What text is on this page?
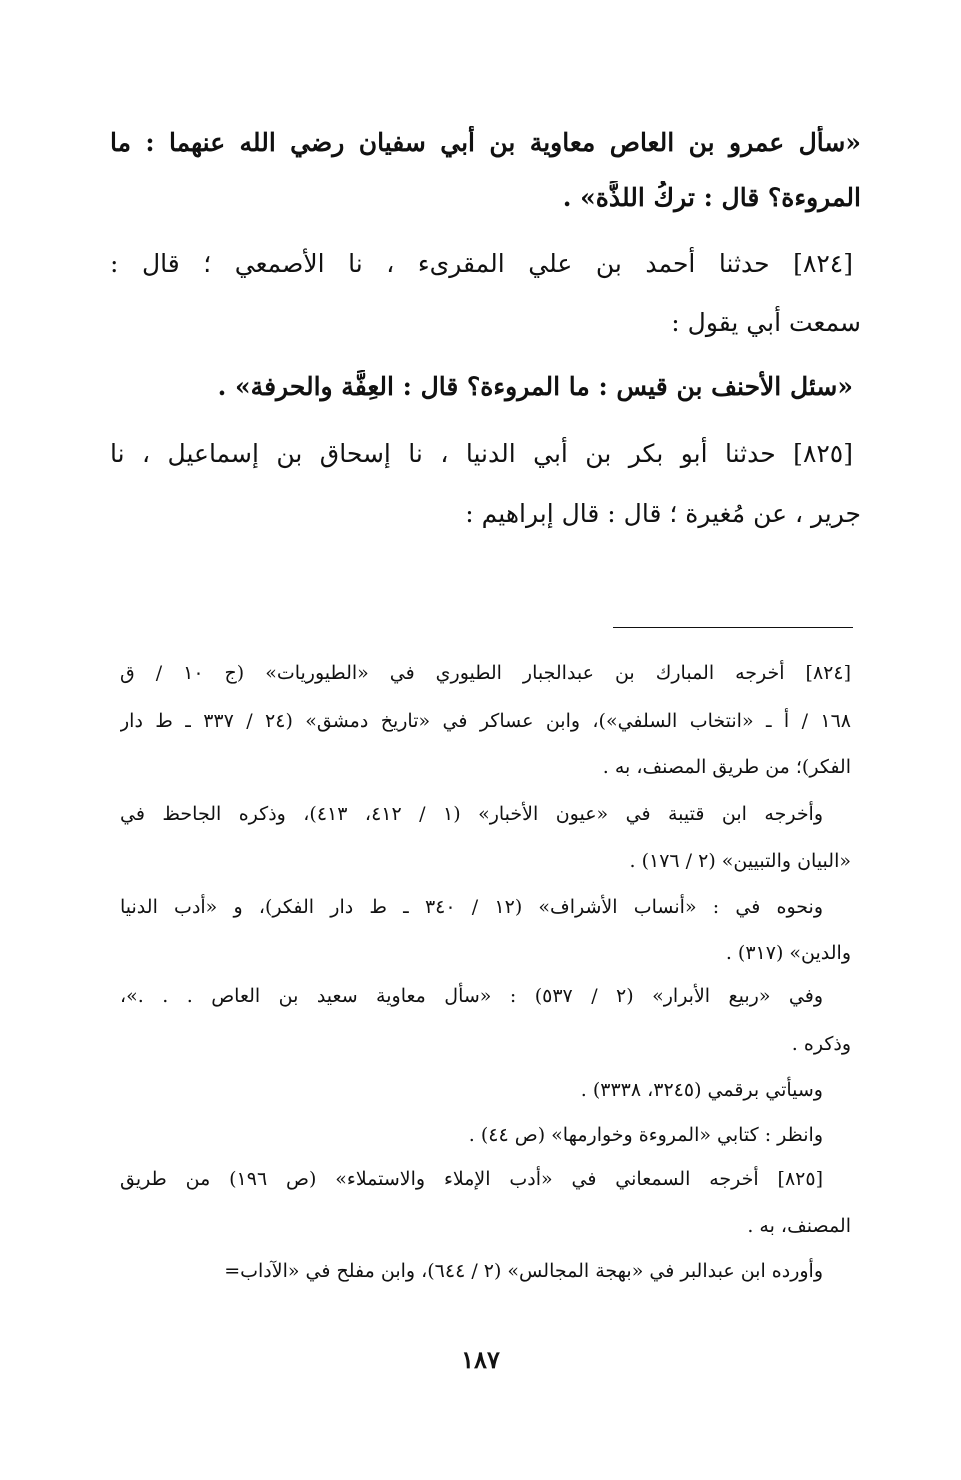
«سأل عمرو بن العاص معاوية بن أبي سفيان رضي الله عنهما : ما
المروءة؟ قال : تركُ اللذَّة» .
[٨٢٤] حدثنا أحمد بن علي المقرىء ، نا الأصمعي ؛ قال :
سمعت أبي يقول :
«سئل الأحنف بن قيس : ما المروءة؟ قال : العِفَّة والحرفة» .
[٨٢٥] حدثنا أبو بكر بن أبي الدنيا ، نا إسحاق بن إسماعيل ، نا
جرير ، عن مُغيرة ؛ قال : قال إبراهيم :
[٨٢٤] أخرجه المبارك بن عبدالجبار الطيوري في «الطيوريات» (ج ١٠ / ق
١٦٨ / أ ـ «انتخاب السلفي»)، وابن عساكر في «تاريخ دمشق» (٢٤ / ٣٣٧ ـ ط دار
الفكر)؛ من طريق المصنف، به .
وأخرجه ابن قتيبة في «عيون الأخبار» (١ / ٤١٢، ٤١٣)، وذكره الجاحظ في
«البيان والتبيين» (٢ / ١٧٦) .
ونحوه في : «أنساب الأشراف» (١٢ / ٣٤٠ ـ ط دار الفكر)، و «أدب الدنيا
والدين» (٣١٧) .
وفي «ربيع الأبرار» (٢ / ٥٣٧) : «سأل معاوية سعيد بن العاص . . .»،
وذكره .
وسيأتي برقمي (٣٢٤٥، ٣٣٣٨) .
وانظر : كتابي «المروءة وخوارمها» (ص ٤٤) .
[٨٢٥] أخرجه السمعاني في «أدب الإملاء والاستملاء» (ص ١٩٦) من طريق
المصنف، به .
وأورده ابن عبدالبر في «بهجة المجالس» (٢ / ٦٤٤)، وابن مفلح في «الآداب=
١٨٧
